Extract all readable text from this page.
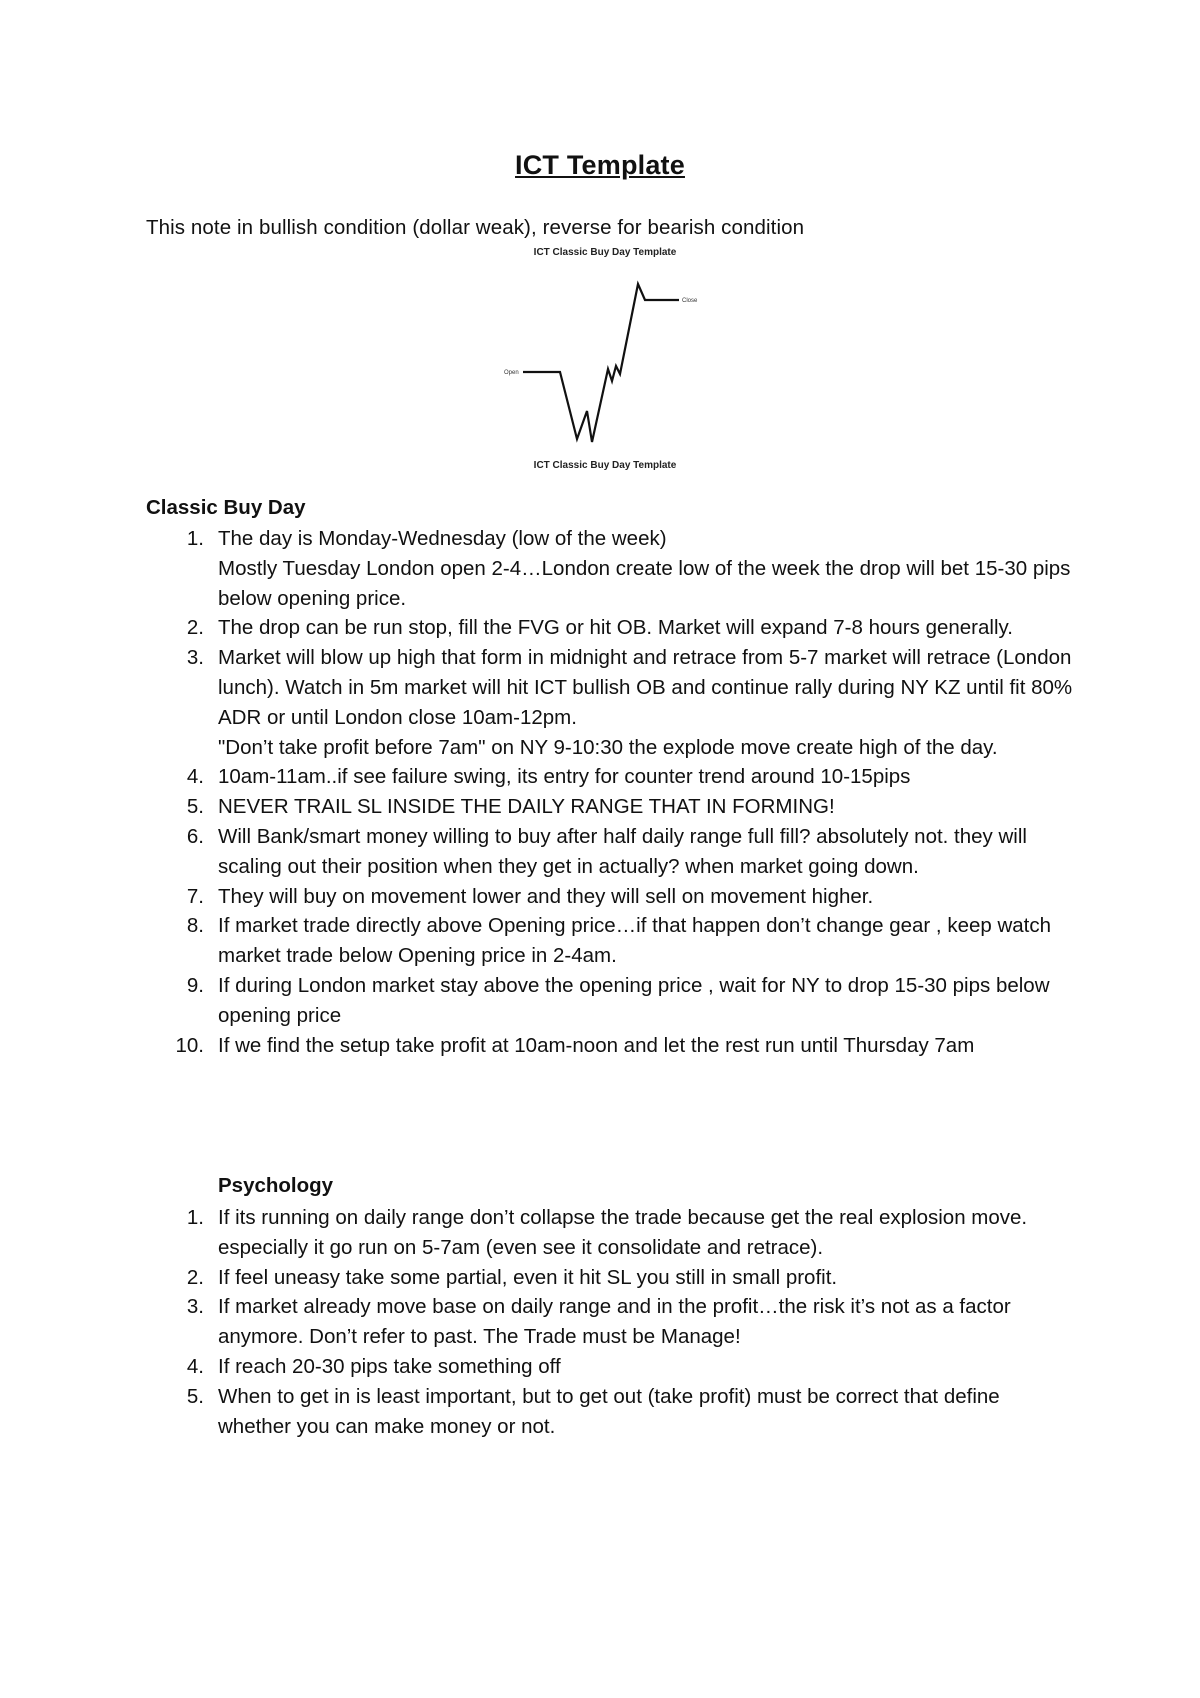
ICT Template
This note in bullish condition (dollar weak), reverse for bearish condition
ICT Classic Buy Day Template
Open
Close
ICT Classic Buy Day Template
Classic Buy Day
1. The day is Monday-Wednesday (low of the week)

Mostly Tuesday London open 2-4…London create low of the week the drop will bet 15-30 pips below opening price.

2. The drop can be run stop, fill the FVG or hit OB. Market will expand 7-8 hours generally.

3. Market will blow up high that form in midnight and retrace from 5-7 market will retrace (London lunch). Watch in 5m market will hit ICT bullish OB and continue rally during NY KZ until fit 80% ADR or until London close 10am-12pm.

"Don’t take profit before 7am" on NY 9-10:30 the explode move create high of the day.

4. 10am-11am..if see failure swing, its entry for counter trend around 10-15pips

5. NEVER TRAIL SL INSIDE THE DAILY RANGE THAT IN FORMING!

6. Will Bank/smart money willing to buy after half daily range full fill? absolutely not. they will scaling out their position when they get in actually? when market going down.

7. They will buy on movement lower and they will sell on movement higher.

8. If market trade directly above Opening price…if that happen don’t change gear , keep watch market trade below Opening price in 2-4am.

9. If during London market stay above the opening price , wait for NY to drop 15-30 pips below opening price

10. If we find the setup take profit at 10am-noon and let the rest run until Thursday 7am

Psychology
1. If its running on daily range don’t collapse the trade because get the real explosion move. especially it go run on 5-7am (even see it consolidate and retrace).

2. If feel uneasy take some partial, even it hit SL you still in small profit.

3. If market already move base on daily range and in the profit…the risk it’s not as a factor anymore. Don’t refer to past. The Trade must be Manage!

4. If reach 20-30 pips take something off

5. When to get in is least important, but to get out (take profit) must be correct that define whether you can make money or not.
